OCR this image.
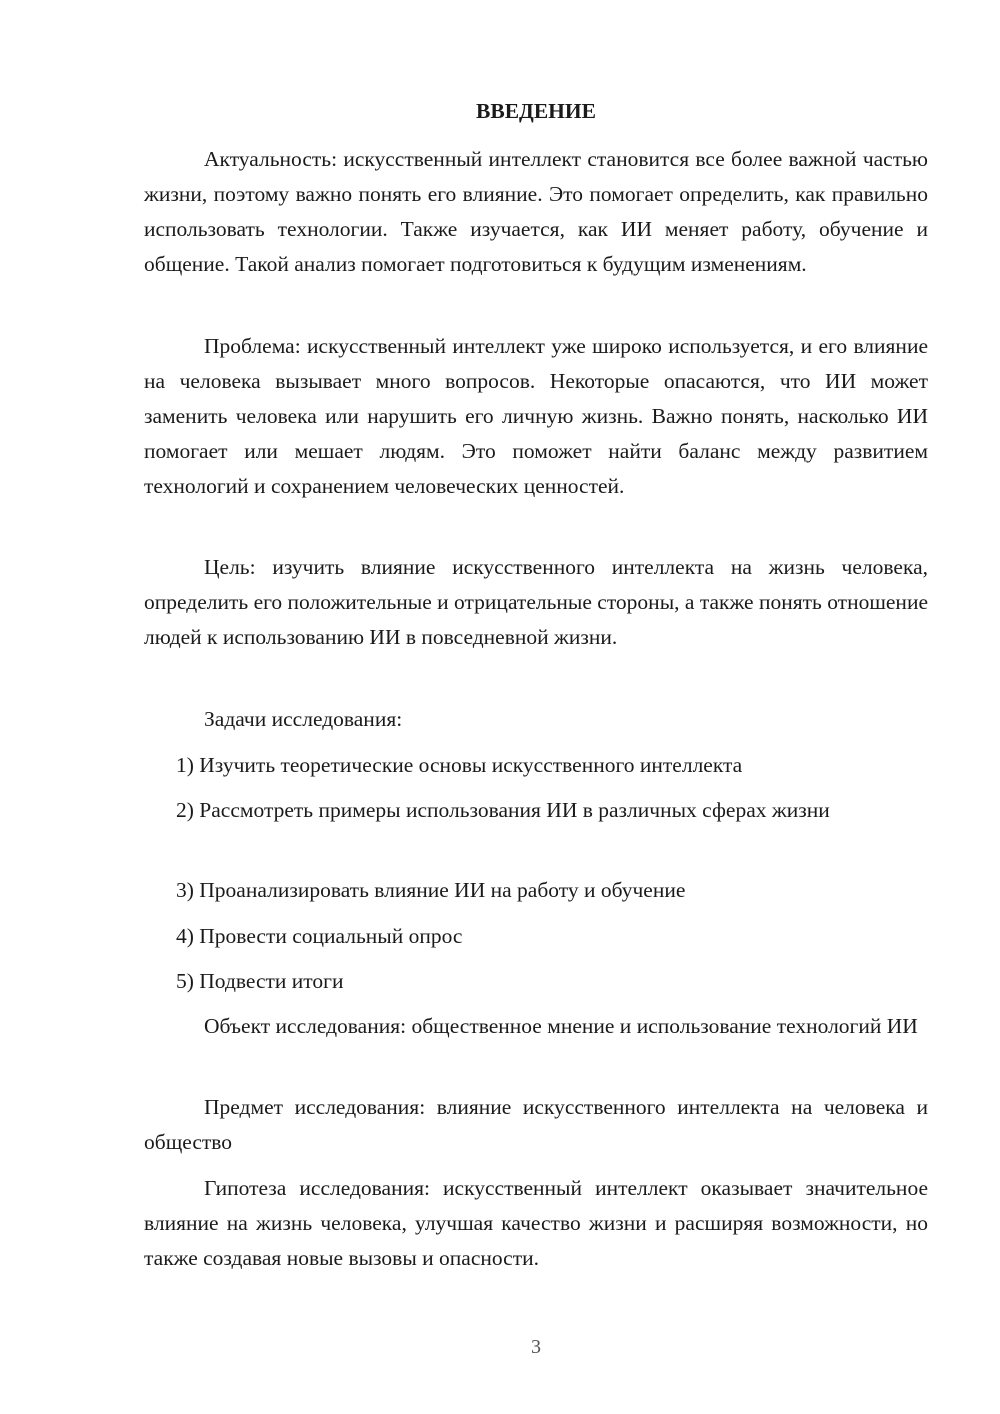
ВВЕДЕНИЕ

Актуальность: искусственный интеллект становится все более важной частью жизни, поэтому важно понять его влияние. Это помогает определить, как правильно использовать технологии. Также изучается, как ИИ меняет работу, обучение и общение. Такой анализ помогает подготовиться к будущим изменениям.

Проблема: искусственный интеллект уже широко используется, и его влияние на человека вызывает много вопросов. Некоторые опасаются, что ИИ может заменить человека или нарушить его личную жизнь. Важно понять, насколько ИИ помогает или мешает людям. Это поможет найти баланс между развитием технологий и сохранением человеческих ценностей.

Цель: изучить влияние искусственного интеллекта на жизнь человека, определить его положительные и отрицательные стороны, а также понять отношение людей к использованию ИИ в повседневной жизни.

Задачи исследования:

1) Изучить теоретические основы искусственного интеллекта

2) Рассмотреть примеры использования ИИ в различных сферах жизни

3) Проанализировать влияние ИИ на работу и обучение

4) Провести социальный опрос

5) Подвести итоги

Объект исследования: общественное мнение и использование технологий ИИ

Предмет исследования: влияние искусственного интеллекта на человека и общество

Гипотеза исследования: искусственный интеллект оказывает значительное влияние на жизнь человека, улучшая качество жизни и расширяя возможности, но также создавая новые вызовы и опасности.

3
